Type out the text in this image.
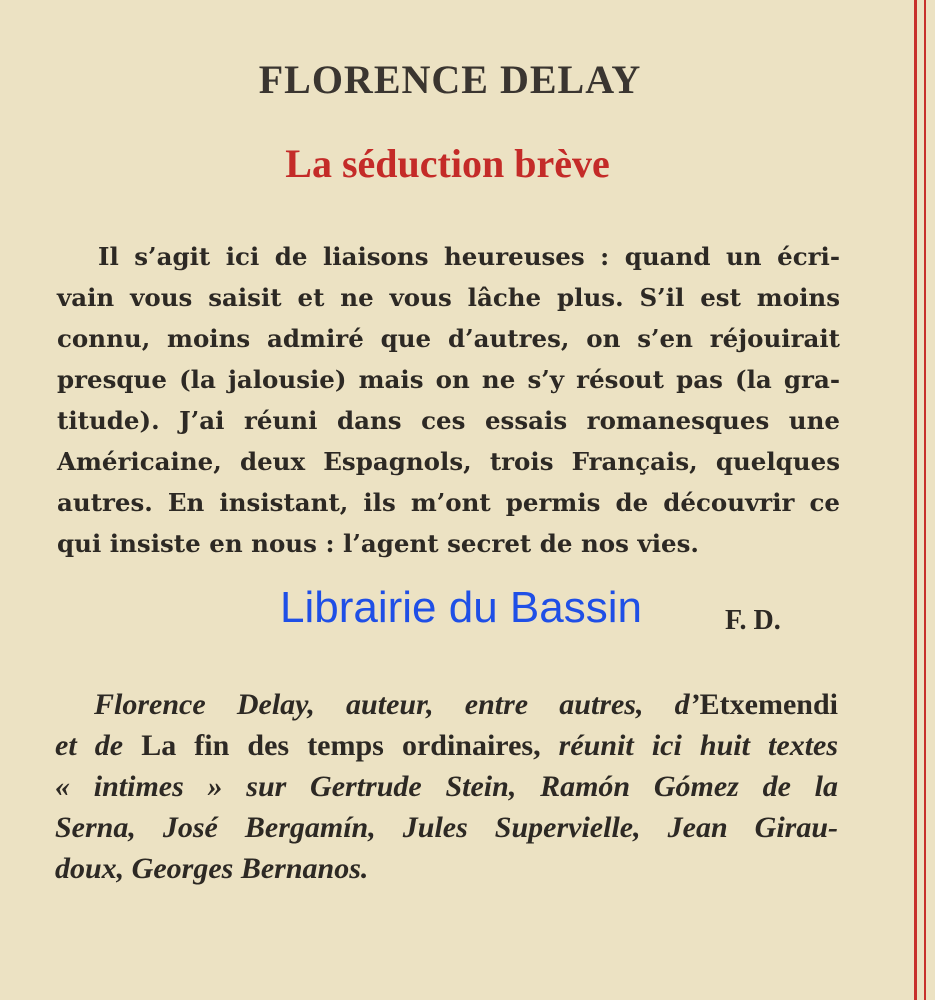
FLORENCE DELAY
La séduction brève
Il s’agit ici de liaisons heureuses : quand un écri-
vain vous saisit et ne vous lâche plus. S’il est moins
connu, moins admiré que d’autres, on s’en réjouirait
presque (la jalousie) mais on ne s’y résout pas (la gra-
titude). J’ai réuni dans ces essais romanesques une
Américaine, deux Espagnols, trois Français, quelques
autres. En insistant, ils m’ont permis de découvrir ce
qui insiste en nous : l’agent secret de nos vies.
Librairie du Bassin	F. D.
Florence Delay, auteur, entre autres, d’Etxemendi
et de La fin des temps ordinaires, réunit ici huit textes
« intimes » sur Gertrude Stein, Ramón Gómez de la
Serna, José Bergamín, Jules Supervielle, Jean Girau-
doux, Georges Bernanos.
